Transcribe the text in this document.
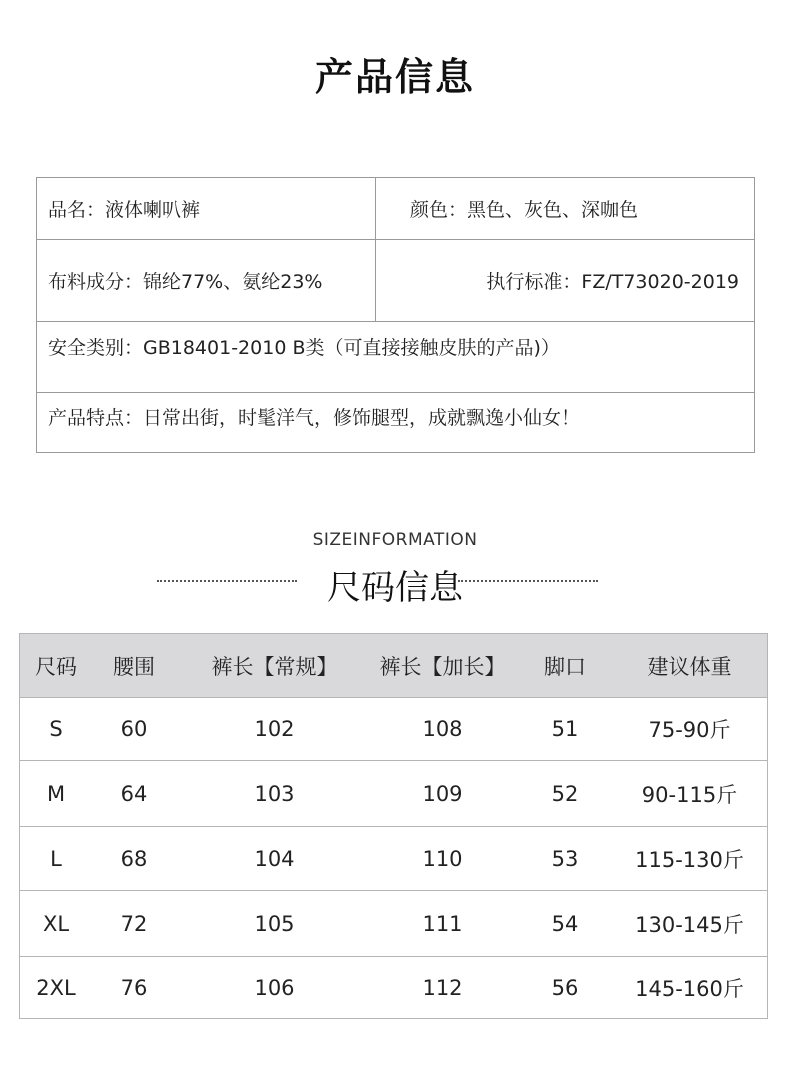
产品信息
品名：液体喇叭裤	颜色：黑色、灰色、深咖色
布料成分：锦纶77%、氨纶23%	执行标准：FZ/T73020-2019
安全类别：GB18401-2010 B类（可直接接触皮肤的产品)）
产品特点：日常出街，时髦洋气，修饰腿型，成就飘逸小仙女！
SIZEINFORMATION
尺码信息
尺码	腰围	裤长【常规】	裤长【加长】	脚口	建议体重
S	60	102	108	51	75-90斤
M	64	103	109	52	90-115斤
L	68	104	110	53	115-130斤
XL	72	105	111	54	130-145斤
2XL	76	106	112	56	145-160斤
